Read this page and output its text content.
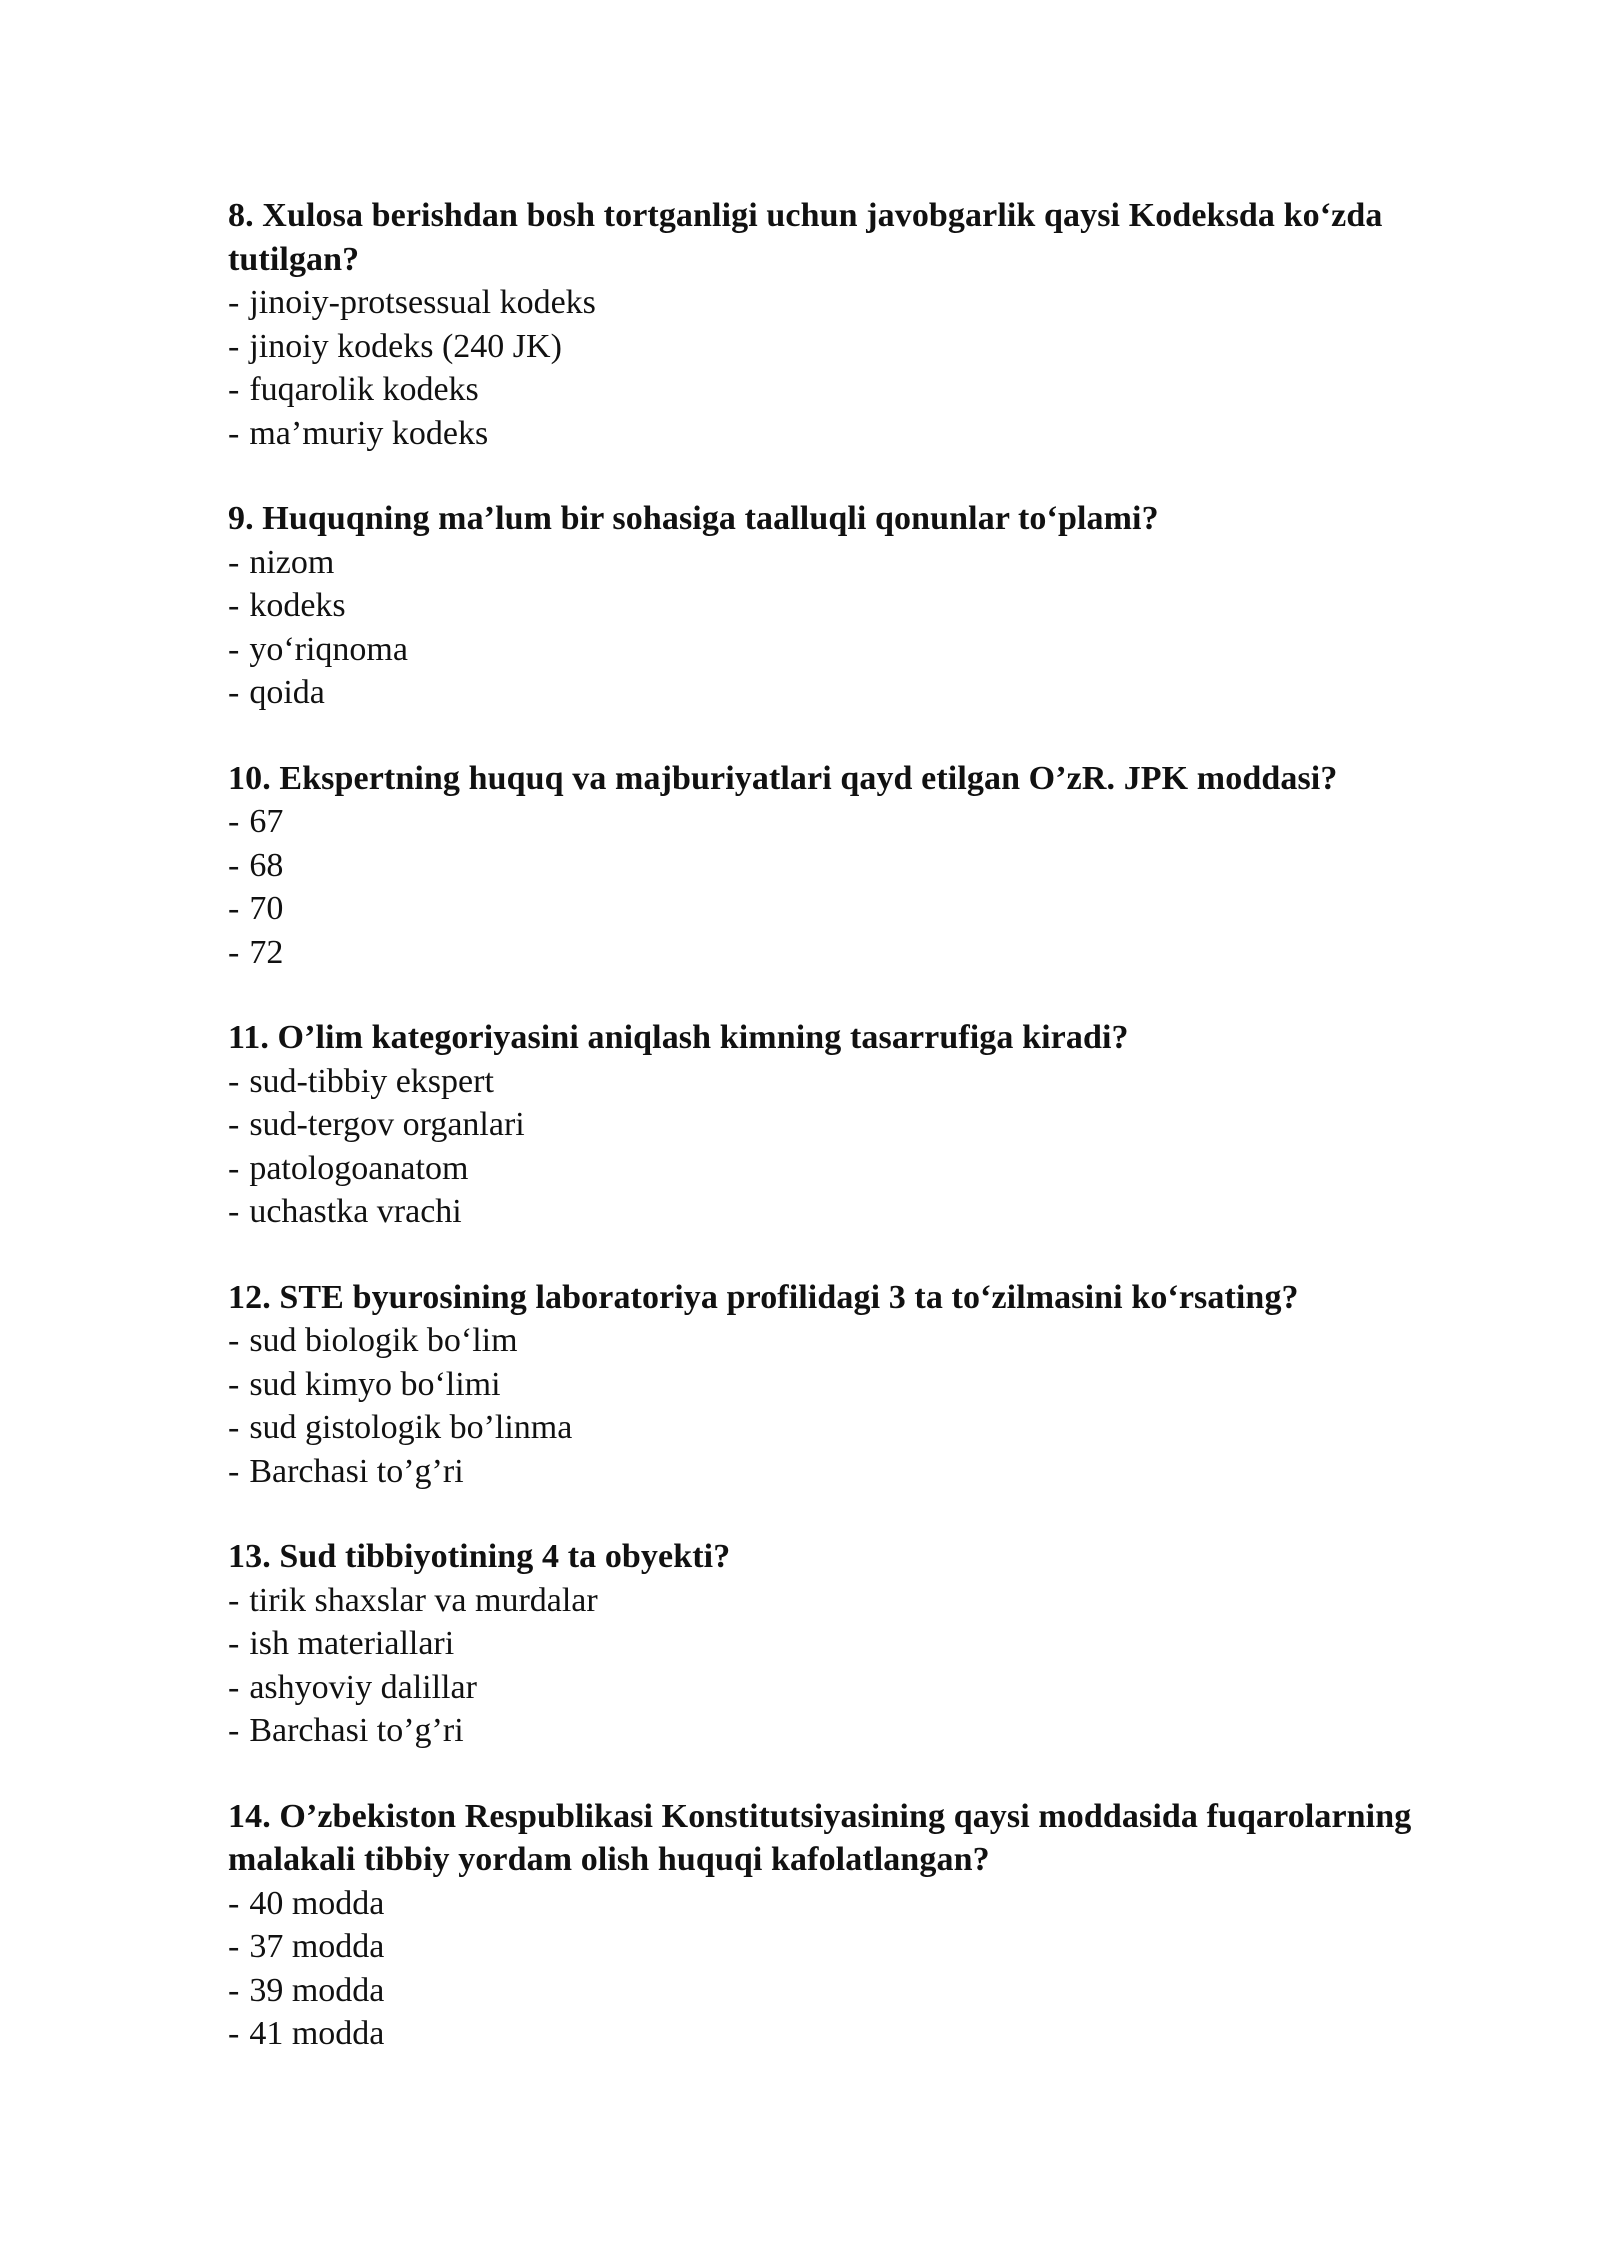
8. Xulosa berishdan bosh tortganligi uchun javobgarlik qaysi Kodeksda ko‘zda tutilgan?

- jinoiy-protsessual kodeks
- jinoiy kodeks (240 JK)
- fuqarolik kodeks
- ma’muriy kodeks

9. Huquqning ma’lum bir sohasiga taalluqli qonunlar to‘plami?

- nizom
- kodeks
- yo‘riqnoma
- qoida

10. Ekspertning huquq va majburiyatlari qayd etilgan O’zR. JPK moddasi?

- 67
- 68
- 70
- 72

11. O’lim kategoriyasini aniqlash kimning tasarrufiga kiradi?

- sud-tibbiy ekspert
- sud-tergov organlari
- patologoanatom
- uchastka vrachi

12. STE byurosining laboratoriya profilidagi 3 ta to‘zilmasini ko‘rsating?

- sud biologik bo‘lim
- sud kimyo bo‘limi
- sud gistologik bo’linma
- Barchasi to’g’ri

13. Sud tibbiyotining 4 ta obyekti?

- tirik shaxslar va murdalar
- ish materiallari
- ashyoviy dalillar
- Barchasi to’g’ri

14. O’zbekiston Respublikasi Konstitutsiyasining qaysi moddasida fuqarolarning malakali tibbiy yordam olish huquqi kafolatlangan?

- 40 modda
- 37 modda
- 39 modda
- 41 modda
